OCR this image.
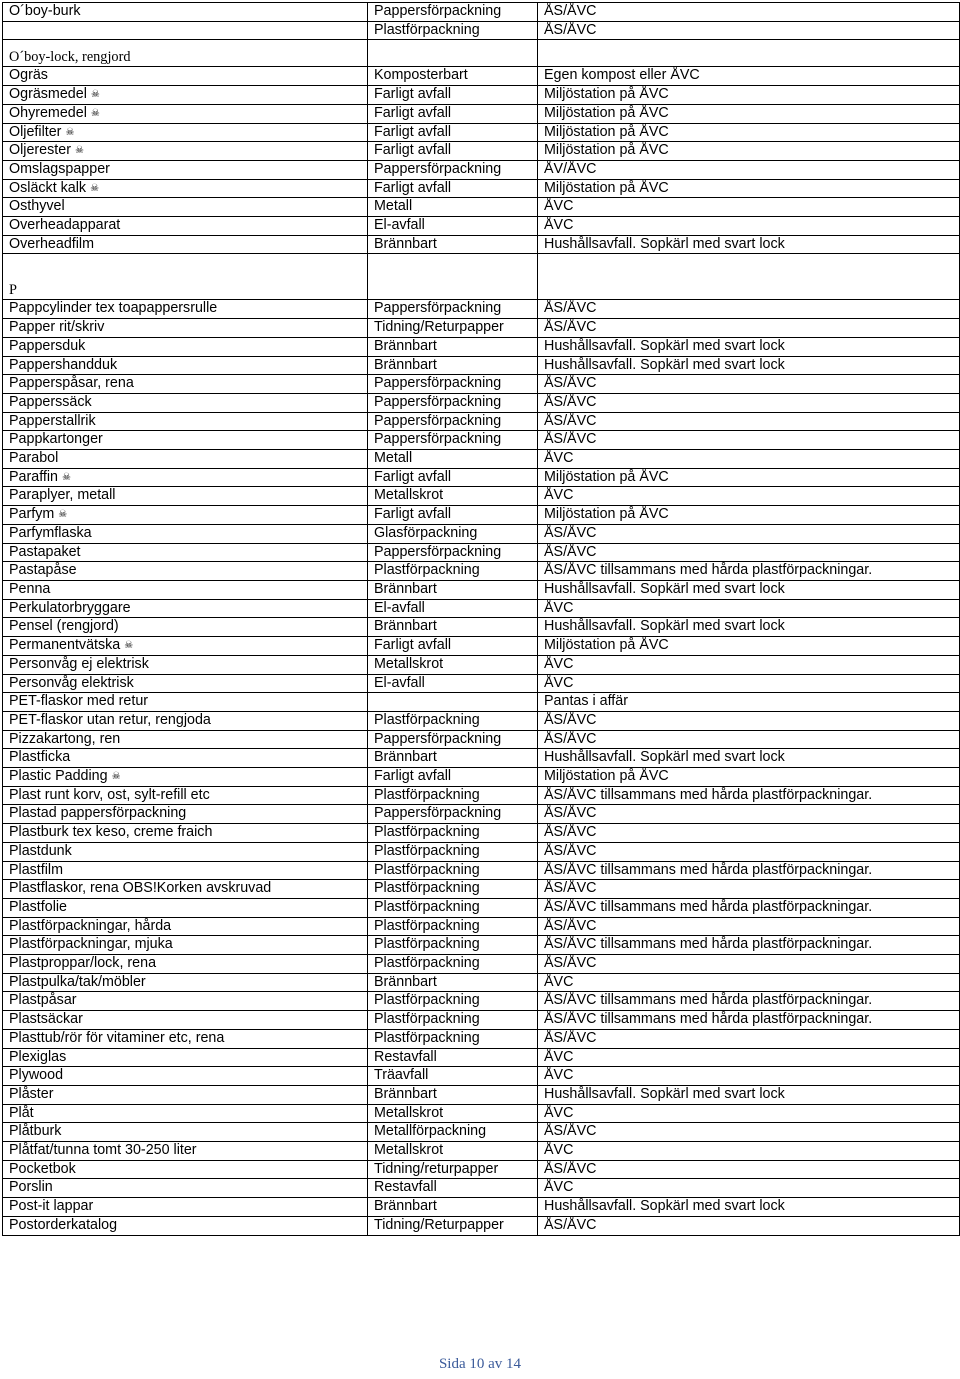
O´boy-burk	Pappersförpackning	ÅS/ÅVC
	Plastförpackning	ÅS/ÅVC
O´boy-lock, rengjord		
Ogräs	Komposterbart	Egen kompost eller ÅVC
Ogräsmedel ☠	Farligt avfall	Miljöstation på ÅVC
Ohyremedel ☠	Farligt avfall	Miljöstation på ÅVC
Oljefilter ☠	Farligt avfall	Miljöstation på ÅVC
Oljerester ☠	Farligt avfall	Miljöstation på ÅVC
Omslagspapper	Pappersförpackning	ÅV/ÅVC
Osläckt kalk ☠	Farligt avfall	Miljöstation på ÅVC
Osthyvel	Metall	ÅVC
Overheadapparat	El-avfall	ÅVC
Overheadfilm	Brännbart	Hushållsavfall. Sopkärl med svart lock
P		
Pappcylinder tex toapappersrulle	Pappersförpackning	ÅS/ÅVC
Papper rit/skriv	Tidning/Returpapper	ÅS/ÅVC
Pappersduk	Brännbart	Hushållsavfall. Sopkärl med svart lock
Pappershandduk	Brännbart	Hushållsavfall. Sopkärl med svart lock
Papperspåsar, rena	Pappersförpackning	ÅS/ÅVC
Papperssäck	Pappersförpackning	ÅS/ÅVC
Papperstallrik	Pappersförpackning	ÅS/ÅVC
Pappkartonger	Pappersförpackning	ÅS/ÅVC
Parabol	Metall	ÅVC
Paraffin ☠	Farligt avfall	Miljöstation på ÅVC
Paraplyer, metall	Metallskrot	ÅVC
Parfym ☠	Farligt avfall	Miljöstation på ÅVC
Parfymflaska	Glasförpackning	ÅS/ÅVC
Pastapaket	Pappersförpackning	ÅS/ÅVC
Pastapåse	Plastförpackning	ÅS/ÅVC tillsammans med hårda plastförpackningar.
Penna	Brännbart	Hushållsavfall. Sopkärl med svart lock
Perkulatorbryggare	El-avfall	ÅVC
Pensel (rengjord)	Brännbart	Hushållsavfall. Sopkärl med svart lock
Permanentvätska ☠	Farligt avfall	Miljöstation på ÅVC
Personvåg ej elektrisk	Metallskrot	ÅVC
Personvåg elektrisk	El-avfall	ÅVC
PET-flaskor med retur		Pantas i affär
PET-flaskor utan retur, rengjoda	Plastförpackning	ÅS/ÅVC
Pizzakartong, ren	Pappersförpackning	ÅS/ÅVC
Plastficka	Brännbart	Hushållsavfall. Sopkärl med svart lock
Plastic Padding ☠	Farligt avfall	Miljöstation på ÅVC
Plast runt korv, ost, sylt-refill etc	Plastförpackning	ÅS/ÅVC tillsammans med hårda plastförpackningar.
Plastad pappersförpackning	Pappersförpackning	ÅS/ÅVC
Plastburk tex keso, creme fraich	Plastförpackning	ÅS/ÅVC
Plastdunk	Plastförpackning	ÅS/ÅVC
Plastfilm	Plastförpackning	ÅS/ÅVC tillsammans med hårda plastförpackningar.
Plastflaskor, rena OBS!Korken avskruvad	Plastförpackning	ÅS/ÅVC
Plastfolie	Plastförpackning	ÅS/ÅVC tillsammans med hårda plastförpackningar.
Plastförpackningar, hårda	Plastförpackning	ÅS/ÅVC
Plastförpackningar, mjuka	Plastförpackning	ÅS/ÅVC tillsammans med hårda plastförpackningar.
Plastproppar/lock, rena	Plastförpackning	ÅS/ÅVC
Plastpulka/tak/möbler	Brännbart	ÅVC
Plastpåsar	Plastförpackning	ÅS/ÅVC tillsammans med hårda plastförpackningar.
Plastsäckar	Plastförpackning	ÅS/ÅVC tillsammans med hårda plastförpackningar.
Plasttub/rör för vitaminer etc, rena	Plastförpackning	ÅS/ÅVC
Plexiglas	Restavfall	ÅVC
Plywood	Träavfall	ÅVC
Plåster	Brännbart	Hushållsavfall. Sopkärl med svart lock
Plåt	Metallskrot	ÅVC
Plåtburk	Metallförpackning	ÅS/ÅVC
Plåtfat/tunna tomt 30-250 liter	Metallskrot	ÅVC
Pocketbok	Tidning/returpapper	ÅS/ÅVC
Porslin	Restavfall	ÅVC
Post-it lappar	Brännbart	Hushållsavfall. Sopkärl med svart lock
Postorderkatalog	Tidning/Returpapper	ÅS/ÅVC
Sida 10 av 14
